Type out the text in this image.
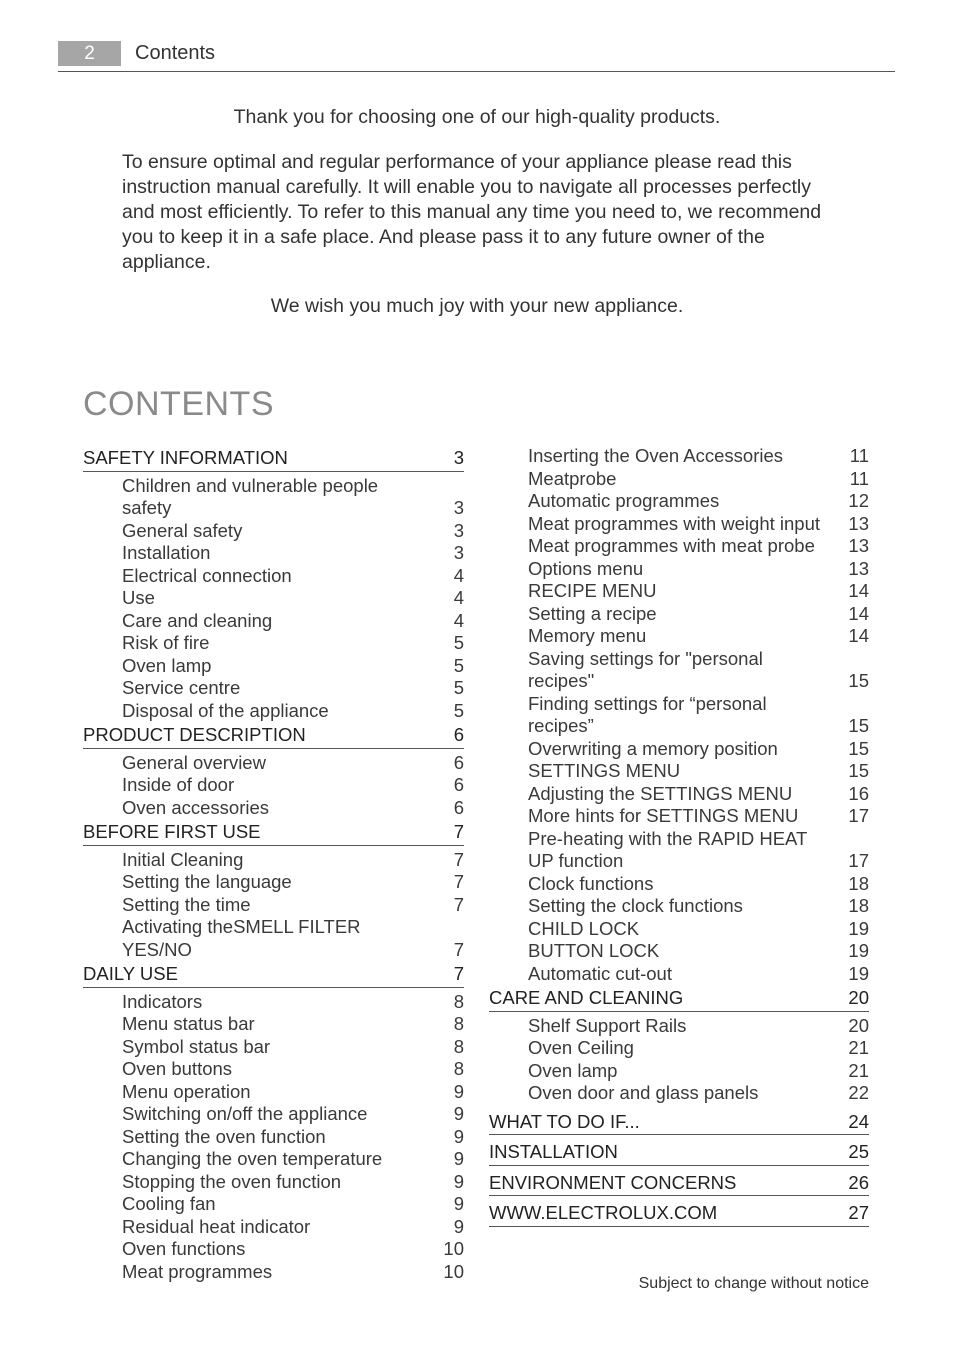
2	Contents
Thank you for choosing one of our high-quality products.
To ensure optimal and regular performance of your appliance please read this instruction manual carefully. It will enable you to navigate all processes perfectly and most efficiently. To refer to this manual any time you need to, we recommend you to keep it in a safe place. And please pass it to any future owner of the appliance.
We wish you much joy with your new appliance.
CONTENTS
SAFETY INFORMATION	3
Children and vulnerable people safety	3
General safety	3
Installation	3
Electrical connection	4
Use	4
Care and cleaning	4
Risk of fire	5
Oven lamp	5
Service centre	5
Disposal of the appliance	5
PRODUCT DESCRIPTION	6
General overview	6
Inside of door	6
Oven accessories	6
BEFORE FIRST USE	7
Initial Cleaning	7
Setting the language	7
Setting the time	7
Activating theSMELL FILTER YES/NO	7
DAILY USE	7
Indicators	8
Menu status bar	8
Symbol status bar	8
Oven buttons	8
Menu operation	9
Switching on/off the appliance	9
Setting the oven function	9
Changing the oven temperature	9
Stopping the oven function	9
Cooling fan	9
Residual heat indicator	9
Oven functions	10
Meat programmes	10
Inserting the Oven Accessories	11
Meatprobe	11
Automatic programmes	12
Meat programmes with weight input	13
Meat programmes with meat probe	13
Options menu	13
RECIPE MENU	14
Setting a recipe	14
Memory menu	14
Saving settings for "personal recipes"	15
Finding settings for “personal recipes”	15
Overwriting a memory position	15
SETTINGS MENU	15
Adjusting the SETTINGS MENU	16
More hints for SETTINGS MENU	17
Pre-heating with the RAPID HEAT UP function	17
Clock functions	18
Setting the clock functions	18
CHILD LOCK	19
BUTTON LOCK	19
Automatic cut-out	19
CARE AND CLEANING	20
Shelf Support Rails	20
Oven Ceiling	21
Oven lamp	21
Oven door and glass panels	22
WHAT TO DO IF...	24
INSTALLATION	25
ENVIRONMENT CONCERNS	26
WWW.ELECTROLUX.COM	27
Subject to change without notice
